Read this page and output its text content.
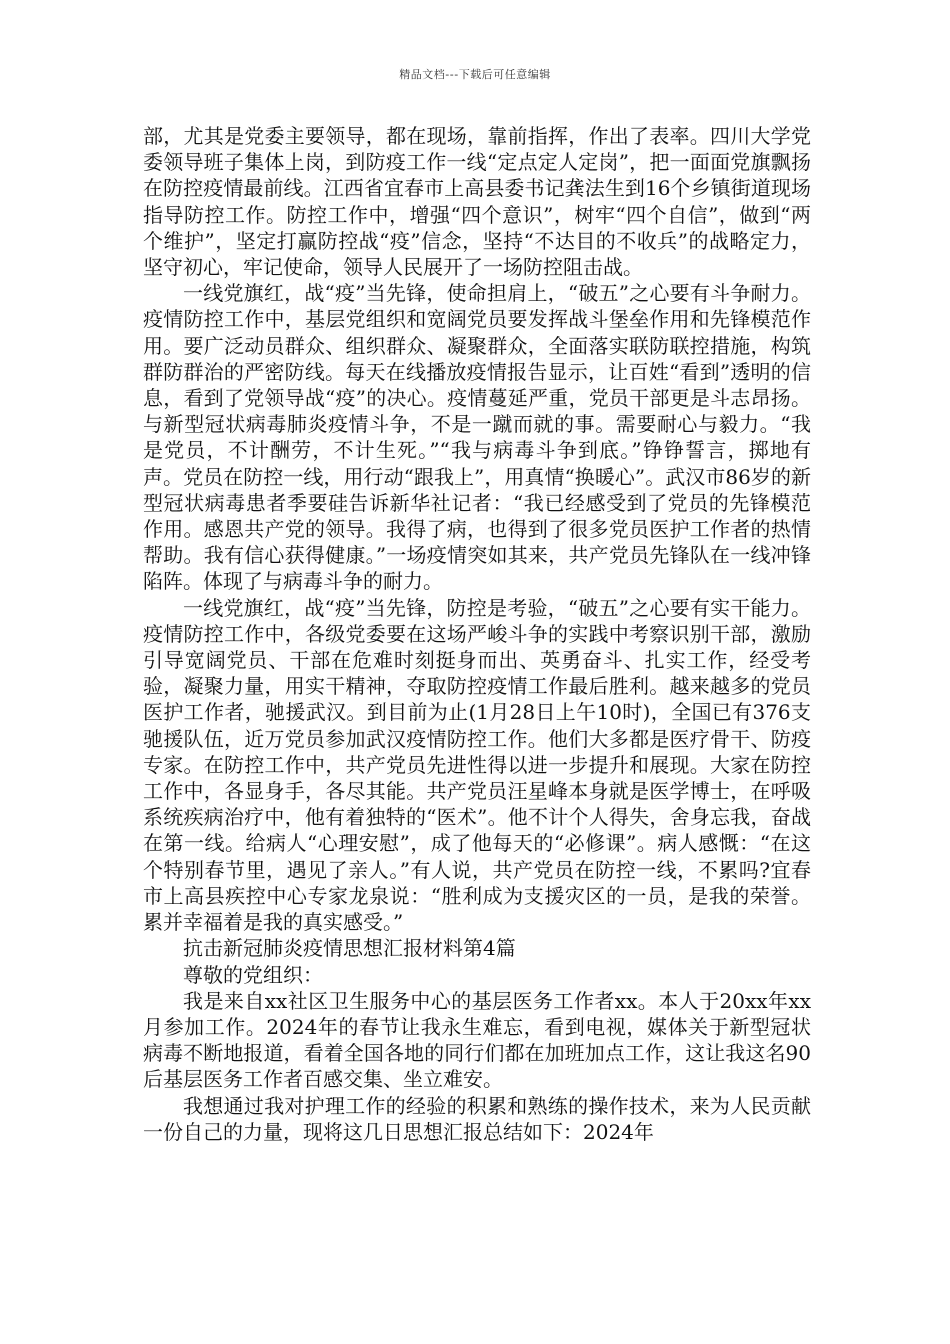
精品文档---下载后可任意编辑

部，尤其是党委主要领导，都在现场，靠前指挥，作出了表率。四川大学党委领导班子集体上岗，到防疫工作一线“定点定人定岗”，把一面面党旗飘扬在防控疫情最前线。江西省宜春市上高县委书记龚法生到16个乡镇街道现场指导防控工作。防控工作中，增强“四个意识”，树牢“四个自信”，做到“两个维护”，坚定打赢防控战“疫”信念，坚持“不达目的不收兵”的战略定力，坚守初心，牢记使命，领导人民展开了一场防控阻击战。

一线党旗红，战“疫”当先锋，使命担肩上，“破五”之心要有斗争耐力。疫情防控工作中，基层党组织和宽阔党员要发挥战斗堡垒作用和先锋模范作用。要广泛动员群众、组织群众、凝聚群众，全面落实联防联控措施，构筑群防群治的严密防线。每天在线播放疫情报告显示，让百姓“看到”透明的信息，看到了党领导战“疫”的决心。疫情蔓延严重，党员干部更是斗志昂扬。与新型冠状病毒肺炎疫情斗争，不是一蹴而就的事。需要耐心与毅力。“我是党员，不计酬劳，不计生死。”“我与病毒斗争到底。”铮铮誓言，掷地有声。党员在防控一线，用行动“跟我上”，用真情“换暖心”。武汉市86岁的新型冠状病毒患者季要硅告诉新华社记者：“我已经感受到了党员的先锋模范作用。感恩共产党的领导。我得了病，也得到了很多党员医护工作者的热情帮助。我有信心获得健康。”一场疫情突如其来，共产党员先锋队在一线冲锋陷阵。体现了与病毒斗争的耐力。

一线党旗红，战“疫”当先锋，防控是考验，“破五”之心要有实干能力。疫情防控工作中，各级党委要在这场严峻斗争的实践中考察识别干部，激励引导宽阔党员、干部在危难时刻挺身而出、英勇奋斗、扎实工作，经受考验，凝聚力量，用实干精神，夺取防控疫情工作最后胜利。越来越多的党员医护工作者，驰援武汉。到目前为止(1月28日上午10时)，全国已有376支驰援队伍，近万党员参加武汉疫情防控工作。他们大多都是医疗骨干、防疫专家。在防控工作中，共产党员先进性得以进一步提升和展现。大家在防控工作中，各显身手，各尽其能。共产党员汪星峰本身就是医学博士，在呼吸系统疾病治疗中，他有着独特的“医术”。他不计个人得失，舍身忘我，奋战在第一线。给病人“心理安慰”，成了他每天的“必修课”。病人感慨：“在这个特别春节里，遇见了亲人。”有人说，共产党员在防控一线，不累吗?宜春市上高县疾控中心专家龙泉说：“胜利成为支援灾区的一员，是我的荣誉。累并幸福着是我的真实感受。”

抗击新冠肺炎疫情思想汇报材料第4篇

尊敬的党组织：

我是来自xx社区卫生服务中心的基层医务工作者xx。本人于20xx年xx月参加工作。2024年的春节让我永生难忘，看到电视，媒体关于新型冠状病毒不断地报道，看着全国各地的同行们都在加班加点工作，这让我这名90后基层医务工作者百感交集、坐立难安。

我想通过我对护理工作的经验的积累和熟练的操作技术，来为人民贡献一份自己的力量，现将这几日思想汇报总结如下：2024年
